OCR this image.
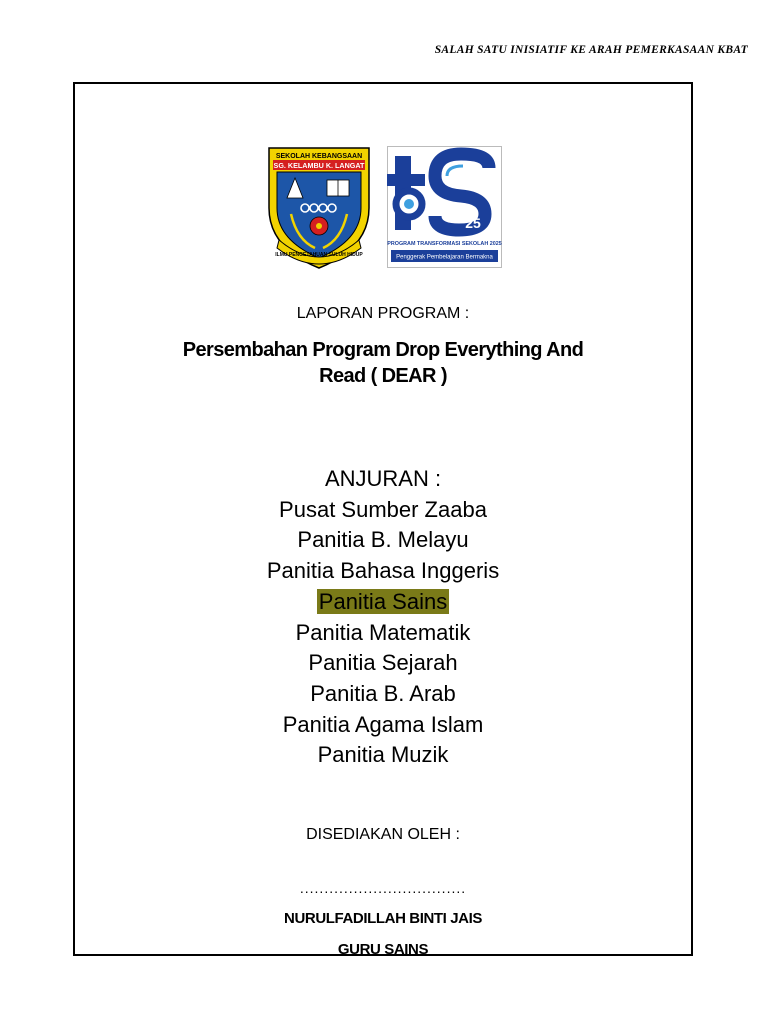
SALAH SATU INISIATIF KE ARAH PEMERKASAAN KBAT
SEKOLAH KEBANGSAAN
SG. KELAMBU K. LANGAT
ILMU PENGETAHUAN SULUH HIDUP
25
PROGRAM TRANSFORMASI SEKOLAH 2025
Penggerak Pembelajaran Bermakna
LAPORAN PROGRAM :
Persembahan Program Drop Everything And
Read ( DEAR )
ANJURAN :
Pusat Sumber Zaaba
Panitia B. Melayu
Panitia Bahasa Inggeris
Panitia Sains
Panitia Matematik
Panitia Sejarah
Panitia B. Arab
Panitia Agama Islam
Panitia Muzik
DISEDIAKAN OLEH :
..................................
NURULFADILLAH BINTI JAIS
GURU SAINS
